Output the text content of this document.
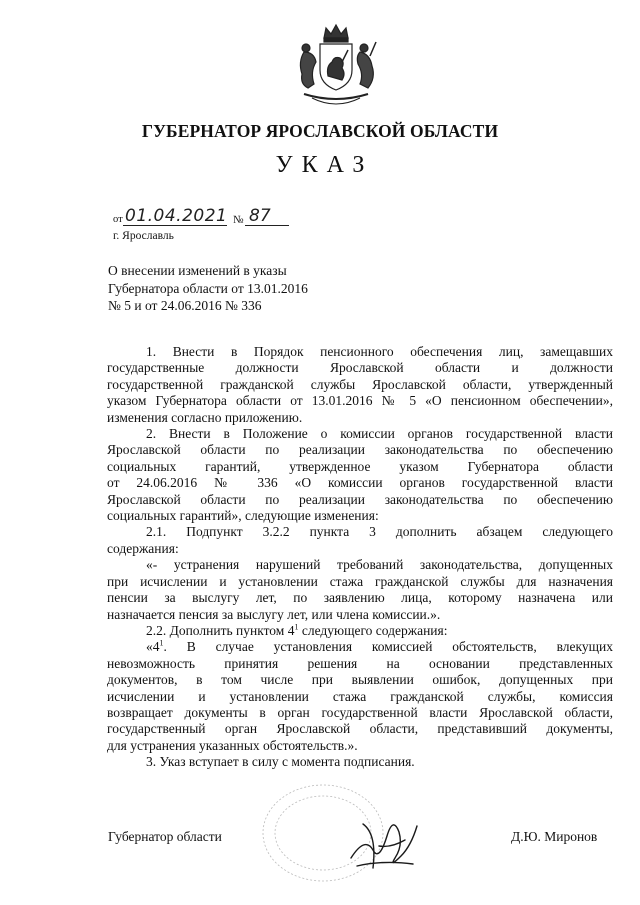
ГУБЕРНАТОР ЯРОСЛАВСКОЙ ОБЛАСТИ
УКАЗ
от 01.04.2021 № 87
г. Ярославль
О внесении изменений в указы
Губернатора области от 13.01.2016
№ 5 и от 24.06.2016 № 336
1. Внести в Порядок пенсионного обеспечения лиц, замещавших
государственные должности Ярославской области и должности
государственной гражданской службы Ярославской области, утвержденный
указом Губернатора области от 13.01.2016 № 5 «О пенсионном обеспечении»,
изменения согласно приложению.
2. Внести в Положение о комиссии органов государственной власти
Ярославской области по реализации законодательства по обеспечению
социальных гарантий, утвержденное указом Губернатора области
от 24.06.2016 № 336 «О комиссии органов государственной власти
Ярославской области по реализации законодательства по обеспечению
социальных гарантий», следующие изменения:
2.1. Подпункт 3.2.2 пункта 3 дополнить абзацем следующего
содержания:
«- устранения нарушений требований законодательства, допущенных
при исчислении и установлении стажа гражданской службы для назначения
пенсии за выслугу лет, по заявлению лица, которому назначена или
назначается пенсия за выслугу лет, или члена комиссии.».
2.2. Дополнить пунктом $4^1$ следующего содержания:
«$4^1$. В случае установления комиссией обстоятельств, влекущих
невозможность принятия решения на основании представленных
документов, в том числе при выявлении ошибок, допущенных при
исчислении и установлении стажа гражданской службы, комиссия
возвращает документы в орган государственной власти Ярославской области,
государственный орган Ярославской области, представивший документы,
для устранения указанных обстоятельств.».
3. Указ вступает в силу с момента подписания.
Губернатор области	Д.Ю. Миронов
